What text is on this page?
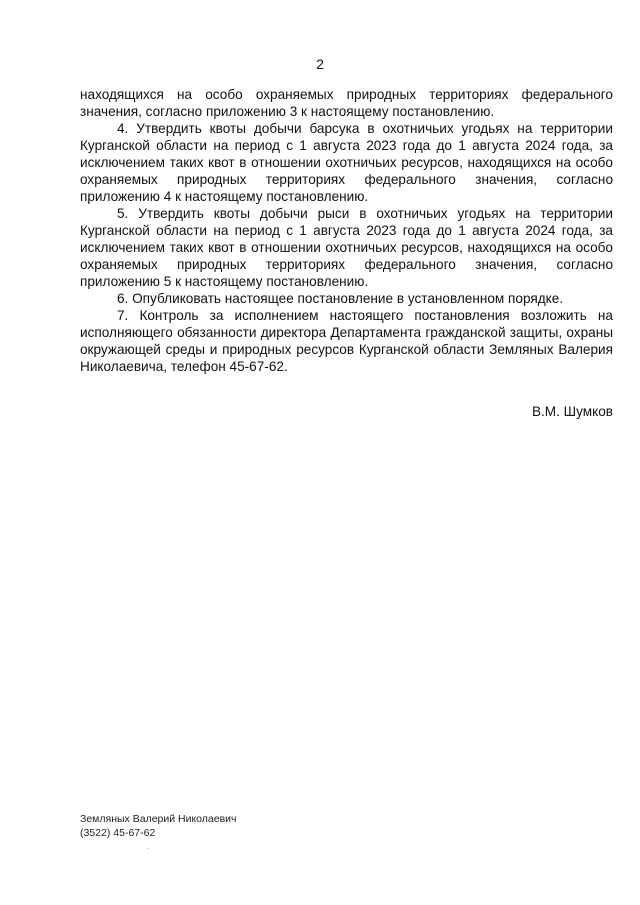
2

находящихся на особо охраняемых природных территориях федерального значения, согласно приложению 3 к настоящему постановлению.

4. Утвердить квоты добычи барсука в охотничьих угодьях на территории Курганской области на период с 1 августа 2023 года до 1 августа 2024 года, за исключением таких квот в отношении охотничьих ресурсов, находящихся на особо охраняемых природных территориях федерального значения, согласно приложению 4 к настоящему постановлению.

5. Утвердить квоты добычи рыси в охотничьих угодьях на территории Курганской области на период с 1 августа 2023 года до 1 августа 2024 года, за исключением таких квот в отношении охотничьих ресурсов, находящихся на особо охраняемых природных территориях федерального значения, согласно приложению 5 к настоящему постановлению.

6. Опубликовать настоящее постановление в установленном порядке.

7. Контроль за исполнением настоящего постановления возложить на исполняющего обязанности директора Департамента гражданской защиты, охраны окружающей среды и природных ресурсов Курганской области Земляных Валерия Николаевича, телефон 45-67-62.

В.М. Шумков
Земляных Валерий Николаевич
(3522) 45-67-62
